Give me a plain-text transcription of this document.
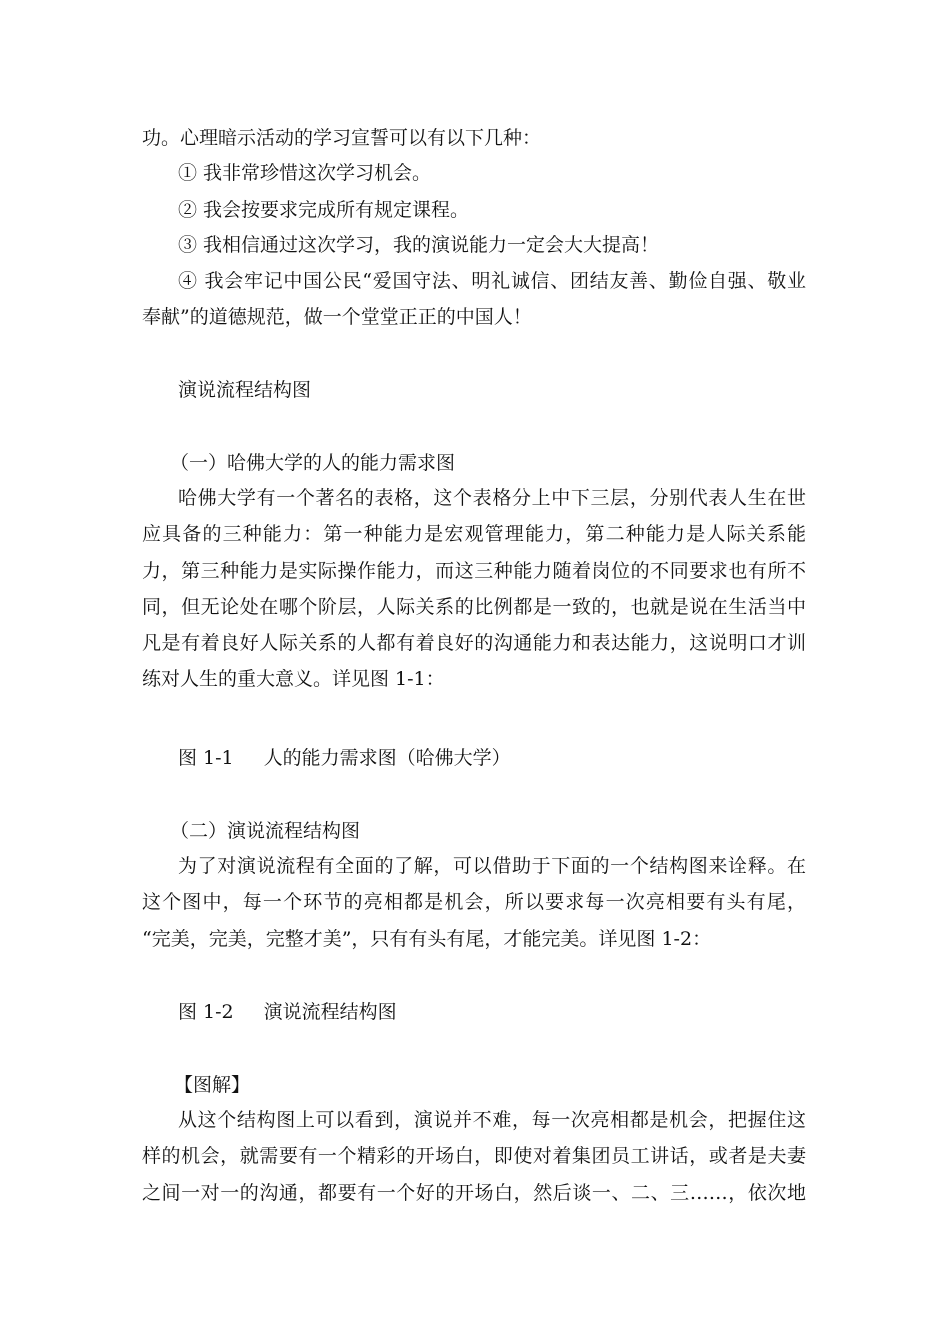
功。心理暗示活动的学习宣誓可以有以下几种：
① 我非常珍惜这次学习机会。
② 我会按要求完成所有规定课程。
③ 我相信通过这次学习，我的演说能力一定会大大提高！
④ 我会牢记中国公民“爱国守法、明礼诚信、团结友善、勤俭自强、敬业
奉献”的道德规范，做一个堂堂正正的中国人！
演说流程结构图
（一）哈佛大学的人的能力需求图
哈佛大学有一个著名的表格，这个表格分上中下三层，分别代表人生在世
应具备的三种能力：第一种能力是宏观管理能力，第二种能力是人际关系能
力，第三种能力是实际操作能力，而这三种能力随着岗位的不同要求也有所不
同，但无论处在哪个阶层，人际关系的比例都是一致的，也就是说在生活当中
凡是有着良好人际关系的人都有着良好的沟通能力和表达能力，这说明口才训
练对人生的重大意义。详见图 1-1：
图 1-1 人的能力需求图（哈佛大学）
（二）演说流程结构图
为了对演说流程有全面的了解，可以借助于下面的一个结构图来诠释。在
这个图中，每一个环节的亮相都是机会，所以要求每一次亮相要有头有尾，
“完美，完美，完整才美”，只有有头有尾，才能完美。详见图 1-2：
图 1-2 演说流程结构图
【图解】
从这个结构图上可以看到，演说并不难，每一次亮相都是机会，把握住这
样的机会，就需要有一个精彩的开场白，即使对着集团员工讲话，或者是夫妻
之间一对一的沟通，都要有一个好的开场白，然后谈一、二、三……，依次地
